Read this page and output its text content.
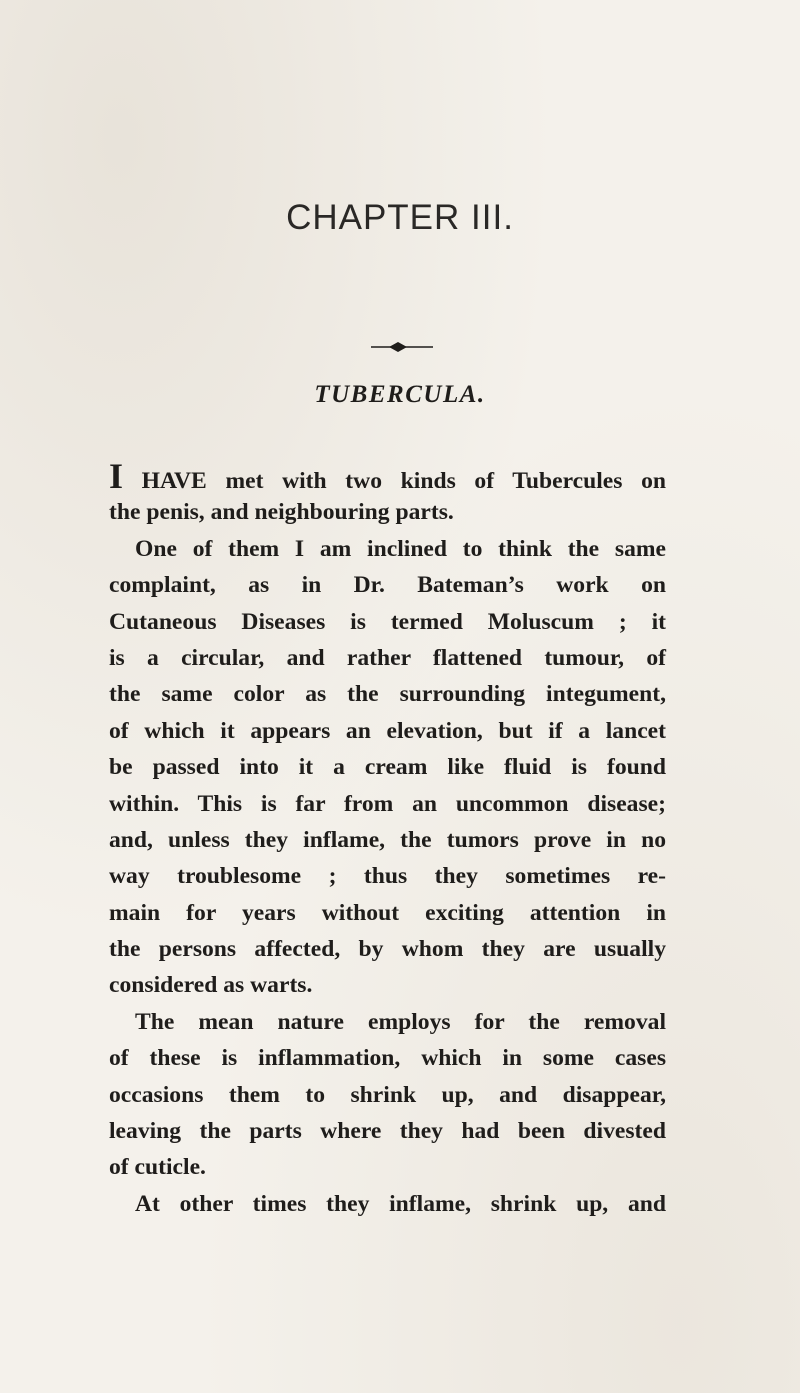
CHAPTER III.
TUBERCULA.
I HAVE met with two kinds of Tubercules on
the penis, and neighbouring parts.
One of them I am inclined to think the same
complaint, as in Dr. Bateman’s work on
Cutaneous Diseases is termed Moluscum ; it
is a circular, and rather flattened tumour, of
the same color as the surrounding integument,
of which it appears an elevation, but if a lancet
be passed into it a cream like fluid is found
within. This is far from an uncommon disease;
and, unless they inflame, the tumors prove in no
way troublesome ; thus they sometimes re-
main for years without exciting attention in
the persons affected, by whom they are usually
considered as warts.
The mean nature employs for the removal
of these is inflammation, which in some cases
occasions them to shrink up, and disappear,
leaving the parts where they had been divested
of cuticle.
At other times they inflame, shrink up, and
